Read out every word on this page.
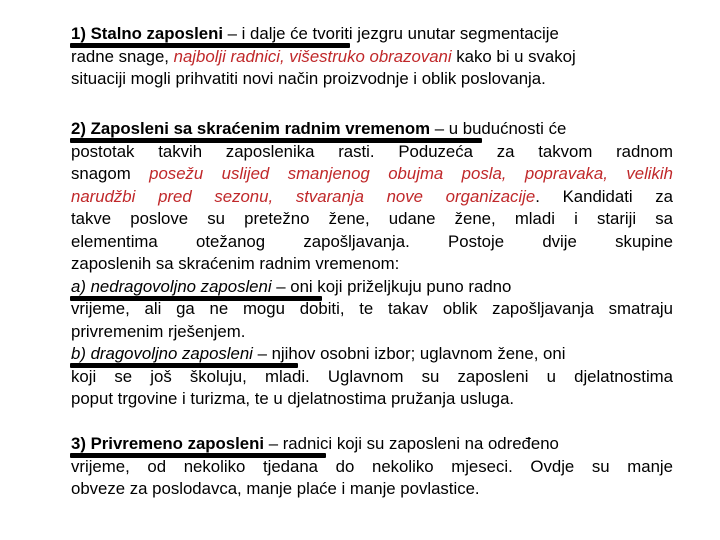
1) Stalno zaposleni – i dalje će tvoriti jezgru unutar segmentacije
radne snage, najbolji radnici, višestruko obrazovani kako bi u svakoj
situaciji mogli prihvatiti novi način proizvodnje i oblik poslovanja.
2) Zaposleni sa skraćenim radnim vremenom – u budućnosti će
postotak takvih zaposlenika rasti. Poduzeća za takvom radnom
snagom posežu uslijed smanjenog obujma posla, popravaka, velikih
narudžbi pred sezonu, stvaranja nove organizacije. Kandidati za
takve poslove su pretežno žene, udane žene, mladi i stariji sa
elementima otežanog zapošljavanja. Postoje dvije skupine
zaposlenih sa skraćenim radnim vremenom:
a) nedragovoljno zaposleni – oni koji priželjkuju puno radno
vrijeme, ali ga ne mogu dobiti, te takav oblik zapošljavanja smatraju
privremenim rješenjem.
b) dragovoljno zaposleni – njihov osobni izbor; uglavnom žene, oni
koji se još školuju, mladi. Uglavnom su zaposleni u djelatnostima
poput trgovine i turizma, te u djelatnostima pružanja usluga.
3) Privremeno zaposleni – radnici koji su zaposleni na određeno
vrijeme, od nekoliko tjedana do nekoliko mjeseci. Ovdje su manje
obveze za poslodavca, manje plaće i manje povlastice.
